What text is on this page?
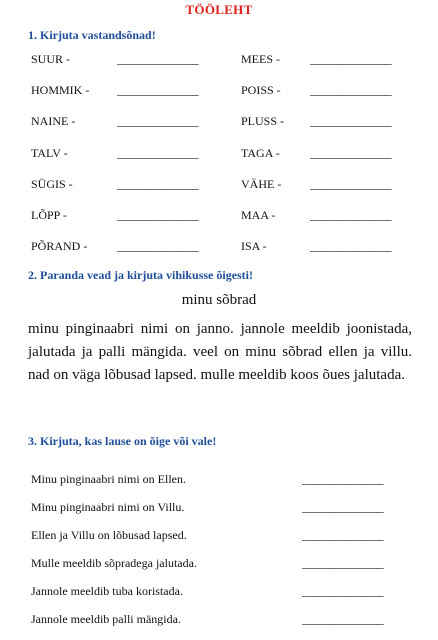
TÖÖLEHT
1. Kirjuta vastandsõnad!
SUUR -	_______________	MEES -	_______________
HOMMIK - _______________	POISS - _______________
NAINE -	_______________	PLUSS - _______________
TALV -	_______________	TAGA -	_______________
SÜGIS -	_______________	VÄHE - _______________
LÕPP -	_______________	MAA -	_______________
PÕRAND - _______________	ISA -	_______________
2. Paranda vead ja kirjuta vihikusse õigesti!
minu sõbrad

minu pinginaabri nimi on janno. jannole meeldib joonistada, jalutada ja palli mängida. veel on minu sõbrad ellen ja villu. nad on väga lõbusad lapsed. mulle meeldib koos õues jalutada.

3. Kirjuta, kas lause on õige või vale!
Minu pinginaabri nimi on Ellen.	_______________
Minu pinginaabri nimi on Villu.	_______________
Ellen ja Villu on lõbusad lapsed.	_______________
Mulle meeldib sõpradega jalutada.	_______________
Jannole meeldib tuba koristada.	_______________
Jannole meeldib palli mängida.	_______________
